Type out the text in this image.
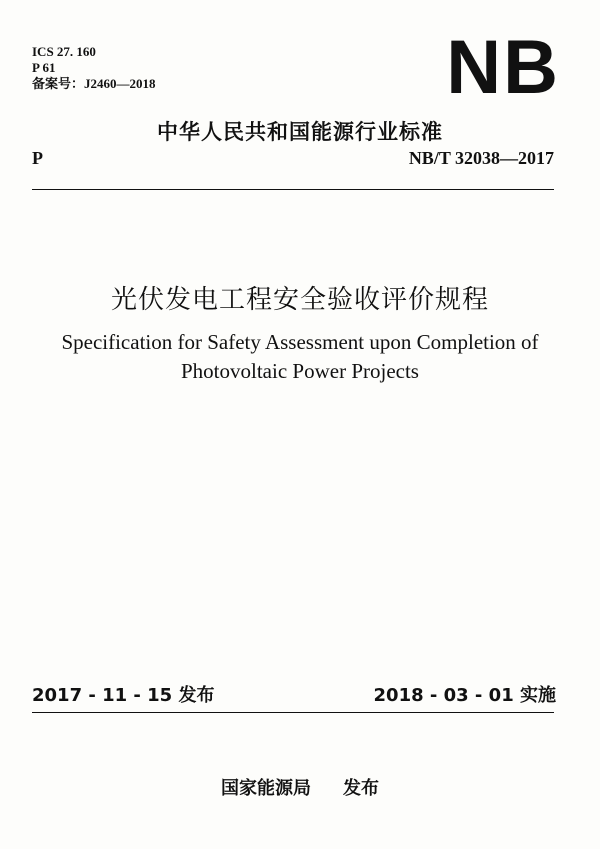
ICS 27. 160
P 61
备案号：J2460—2018	NB
中华人民共和国能源行业标准
P	NB/T 32038—2017
光伏发电工程安全验收评价规程
Specification for Safety Assessment upon Completion of
Photovoltaic Power Projects
2017 - 11 - 15 发布	2018 - 03 - 01 实施
国家能源局 发布
